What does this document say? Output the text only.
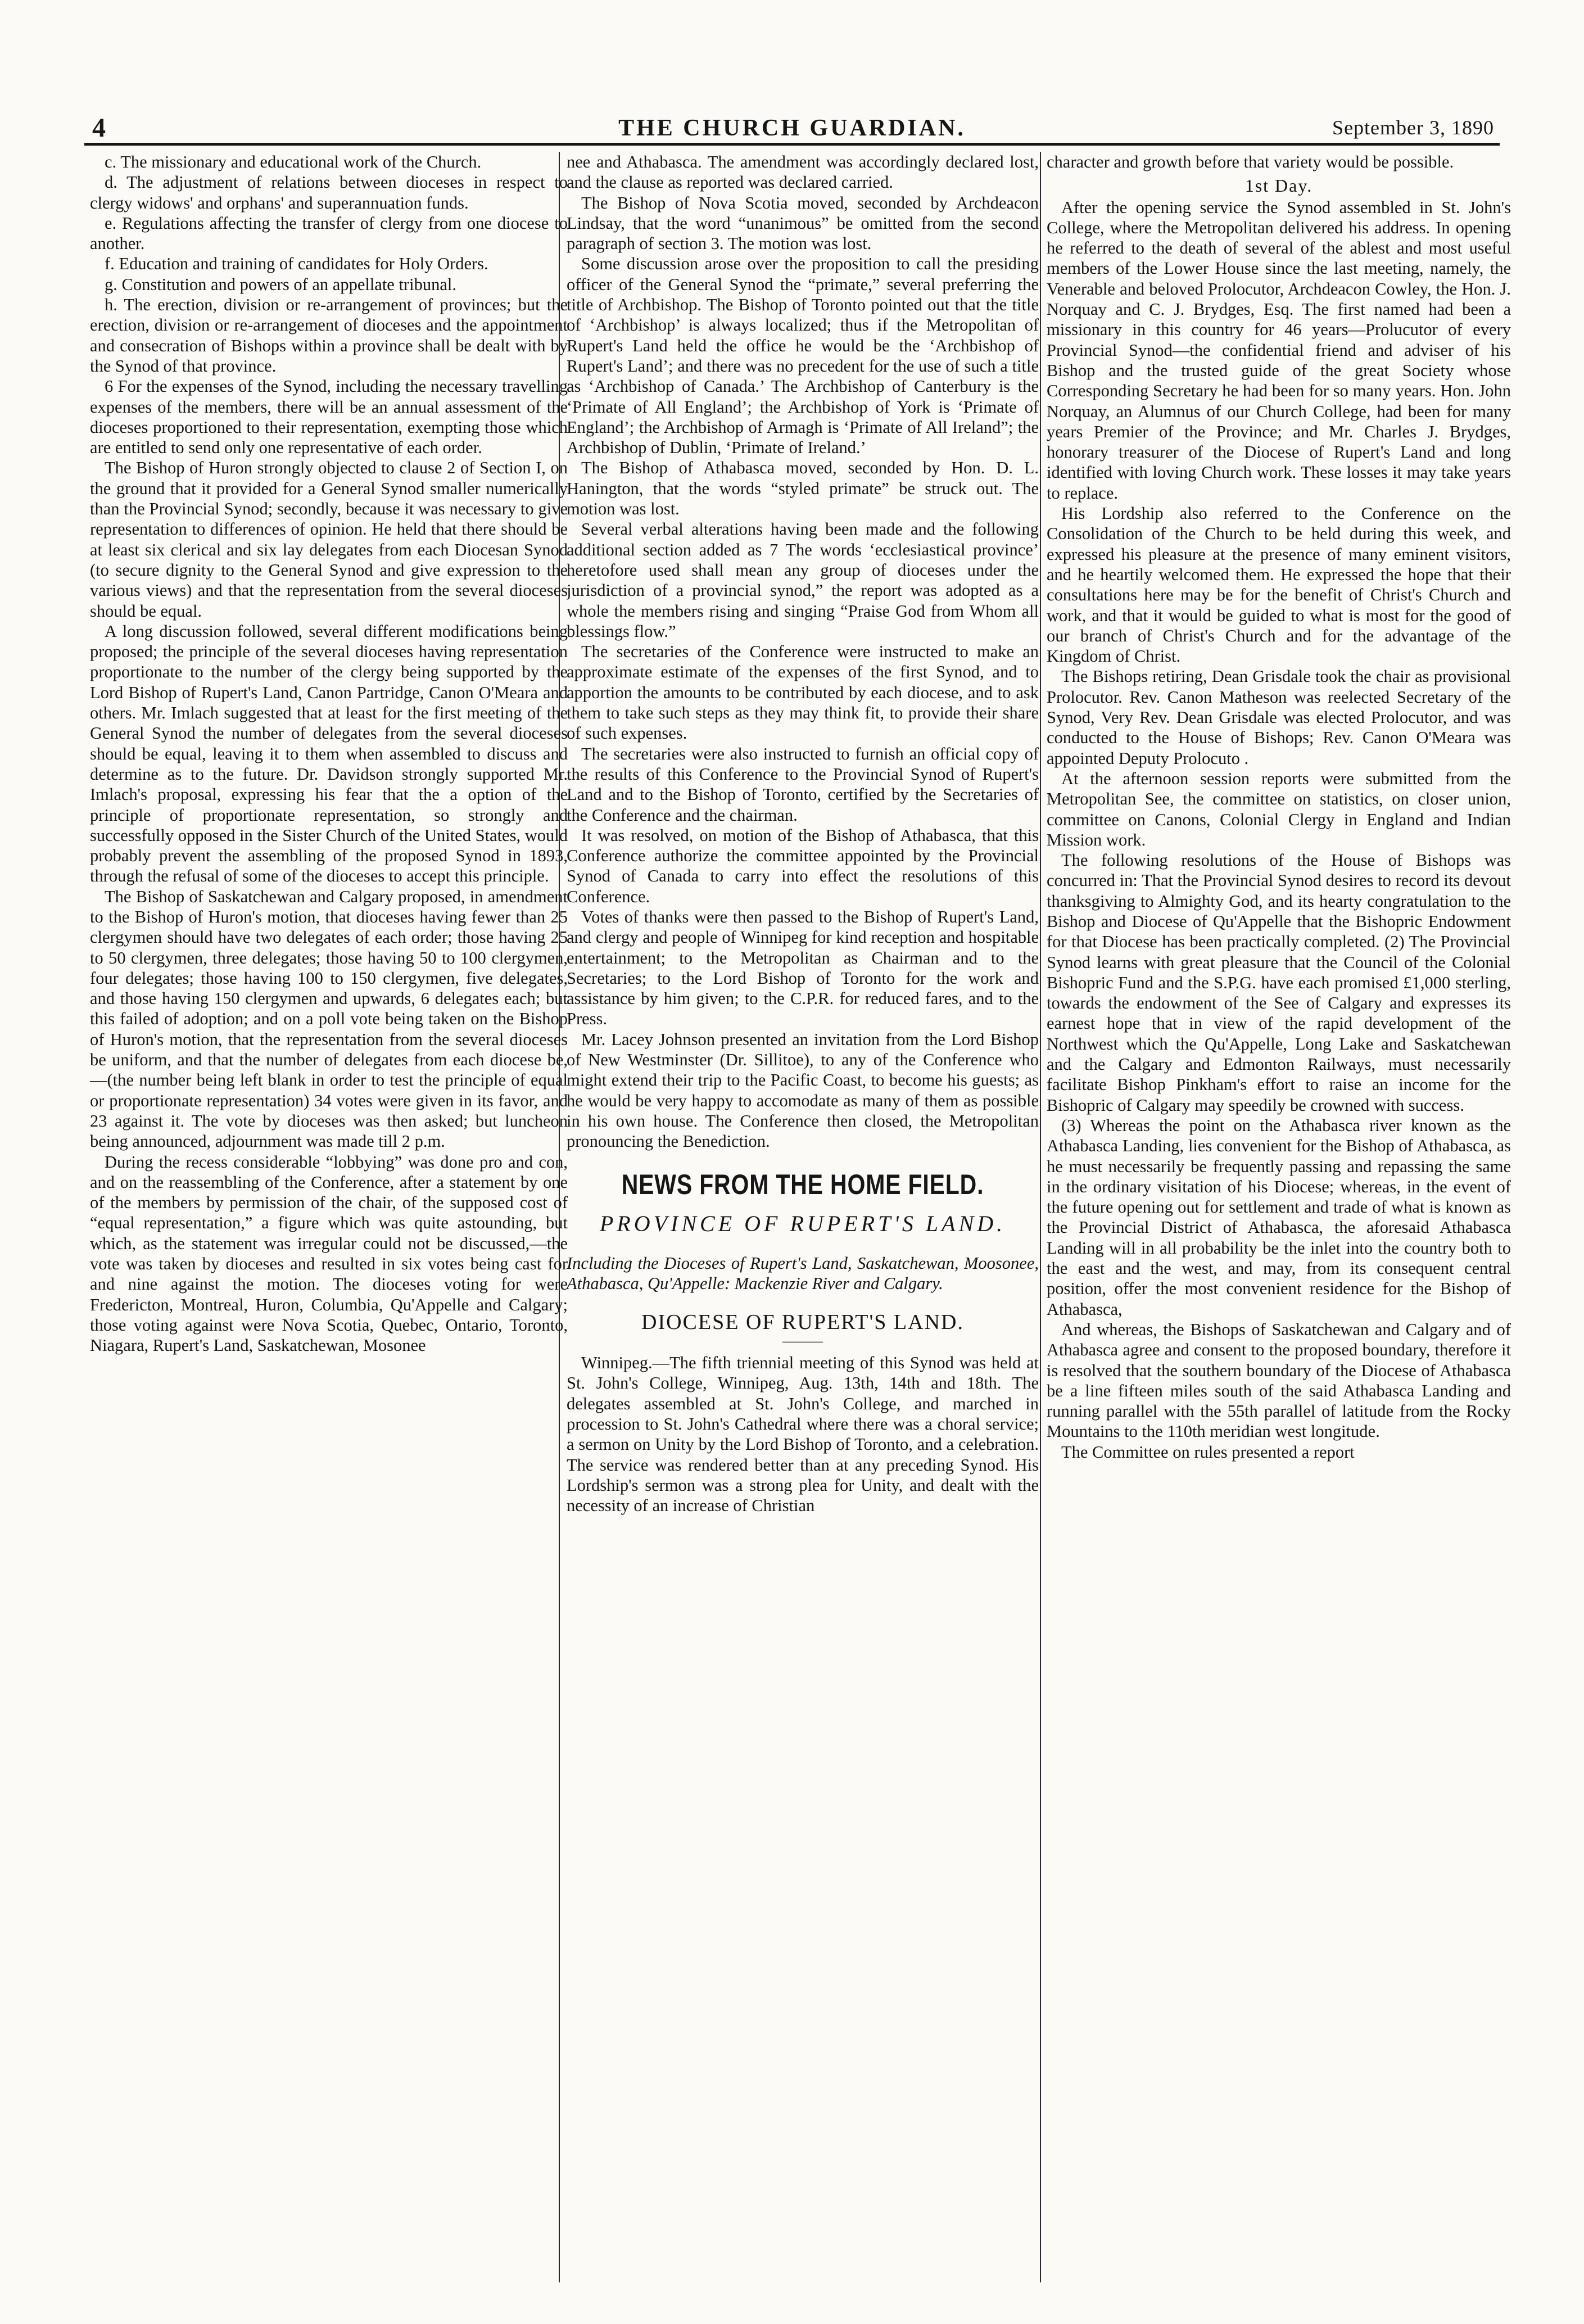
4	THE CHURCH GUARDIAN.	September 3, 1890

c. The missionary and educational work of the Church.

d. The adjustment of relations between dioceses in respect to clergy widows' and orphans' and superannuation funds.

e. Regulations affecting the transfer of clergy from one diocese to another.

f. Education and training of candidates for Holy Orders.

g. Constitution and powers of an appellate tribunal.

h. The erection, division or re-arrangement of provinces; but the erection, division or re-arrangement of dioceses and the appointment and consecration of Bishops within a province shall be dealt with by the Synod of that province.

6 For the expenses of the Synod, including the necessary travelling expenses of the members, there will be an annual assessment of the dioceses proportioned to their representation, exempting those which are entitled to send only one representative of each order.

The Bishop of Huron strongly objected to clause 2 of Section I, on the ground that it provided for a General Synod smaller numerically than the Provincial Synod; secondly, because it was necessary to give representation to differences of opinion. He held that there should be at least six clerical and six lay delegates from each Diocesan Synod (to secure dignity to the General Synod and give expression to the various views) and that the representation from the several dioceses should be equal.

A long discussion followed, several different modifications being proposed; the principle of the several dioceses having representation proportionate to the number of the clergy being supported by the Lord Bishop of Rupert's Land, Canon Partridge, Canon O'Meara and others. Mr. Imlach suggested that at least for the first meeting of the General Synod the number of delegates from the several dioceses should be equal, leaving it to them when assembled to discuss and determine as to the future. Dr. Davidson strongly supported Mr. Imlach's proposal, expressing his fear that the a option of the principle of proportionate representation, so strongly and successfully opposed in the Sister Church of the United States, would probably prevent the assembling of the proposed Synod in 1893, through the refusal of some of the dioceses to accept this principle.

The Bishop of Saskatchewan and Calgary proposed, in amendment to the Bishop of Huron's motion, that dioceses having fewer than 25 clergymen should have two delegates of each order; those having 25 to 50 clergymen, three delegates; those having 50 to 100 clergymen, four delegates; those having 100 to 150 clergymen, five delegates, and those having 150 clergymen and upwards, 6 delegates each; but this failed of adoption; and on a poll vote being taken on the Bishop of Huron's motion, that the representation from the several dioceses be uniform, and that the number of delegates from each diocese be,—(the number being left blank in order to test the principle of equal or proportionate representation) 34 votes were given in its favor, and 23 against it. The vote by dioceses was then asked; but luncheon being announced, adjournment was made till 2 p.m.

During the recess considerable “lobbying” was done pro and con, and on the reassembling of the Conference, after a statement by one of the members by permission of the chair, of the supposed cost of “equal representation,” a figure which was quite astounding, but which, as the statement was irregular could not be discussed,—the vote was taken by dioceses and resulted in six votes being cast for and nine against the motion. The dioceses voting for were Fredericton, Montreal, Huron, Columbia, Qu'Appelle and Calgary; those voting against were Nova Scotia, Quebec, Ontario, Toronto, Niagara, Rupert's Land, Saskatchewan, Mosonee

nee and Athabasca. The amendment was accordingly declared lost, and the clause as reported was declared carried.

The Bishop of Nova Scotia moved, seconded by Archdeacon Lindsay, that the word “unanimous” be omitted from the second paragraph of section 3. The motion was lost.

Some discussion arose over the proposition to call the presiding officer of the General Synod the “primate,” several preferring the title of Archbishop. The Bishop of Toronto pointed out that the title of ‘Archbishop’ is always localized; thus if the Metropolitan of Rupert's Land held the office he would be the ‘Archbishop of Rupert's Land’; and there was no precedent for the use of such a title as ‘Archbishop of Canada.’ The Archbishop of Canterbury is the ‘Primate of All England’; the Archbishop of York is ‘Primate of England’; the Archbishop of Armagh is ‘Primate of All Ireland”; the Archbishop of Dublin, ‘Primate of Ireland.’

The Bishop of Athabasca moved, seconded by Hon. D. L. Hanington, that the words “styled primate” be struck out. The motion was lost.

Several verbal alterations having been made and the following additional section added as 7 The words ‘ecclesiastical province’ heretofore used shall mean any group of dioceses under the jurisdiction of a provincial synod,” the report was adopted as a whole the members rising and singing “Praise God from Whom all blessings flow.”

The secretaries of the Conference were instructed to make an approximate estimate of the expenses of the first Synod, and to apportion the amounts to be contributed by each diocese, and to ask them to take such steps as they may think fit, to provide their share of such expenses.

The secretaries were also instructed to furnish an official copy of the results of this Conference to the Provincial Synod of Rupert's Land and to the Bishop of Toronto, certified by the Secretaries of the Conference and the chairman.

It was resolved, on motion of the Bishop of Athabasca, that this Conference authorize the committee appointed by the Provincial Synod of Canada to carry into effect the resolutions of this Conference.

Votes of thanks were then passed to the Bishop of Rupert's Land, and clergy and people of Winnipeg for kind reception and hospitable entertainment; to the Metropolitan as Chairman and to the Secretaries; to the Lord Bishop of Toronto for the work and assistance by him given; to the C.P.R. for reduced fares, and to the Press.

Mr. Lacey Johnson presented an invitation from the Lord Bishop of New Westminster (Dr. Sillitoe), to any of the Conference who might extend their trip to the Pacific Coast, to become his guests; as he would be very happy to accomodate as many of them as possible in his own house. The Conference then closed, the Metropolitan pronouncing the Benediction.

NEWS FROM THE HOME FIELD.
PROVINCE OF RUPERT'S LAND.

Including the Dioceses of Rupert's Land, Saskatchewan, Moosonee, Athabasca, Qu'Appelle: Mackenzie River and Calgary.

DIOCESE OF RUPERT'S LAND.
———

Winnipeg.—The fifth triennial meeting of this Synod was held at St. John's College, Winnipeg, Aug. 13th, 14th and 18th. The delegates assembled at St. John's College, and marched in procession to St. John's Cathedral where there was a choral service; a sermon on Unity by the Lord Bishop of Toronto, and a celebration. The service was rendered better than at any preceding Synod. His Lordship's sermon was a strong plea for Unity, and dealt with the necessity of an increase of Christian

character and growth before that variety would be possible.

1st Day.

After the opening service the Synod assembled in St. John's College, where the Metropolitan delivered his address. In opening he referred to the death of several of the ablest and most useful members of the Lower House since the last meeting, namely, the Venerable and beloved Prolocutor, Archdeacon Cowley, the Hon. J. Norquay and C. J. Brydges, Esq. The first named had been a missionary in this country for 46 years—Prolucutor of every Provincial Synod—the confidential friend and adviser of his Bishop and the trusted guide of the great Society whose Corresponding Secretary he had been for so many years. Hon. John Norquay, an Alumnus of our Church College, had been for many years Premier of the Province; and Mr. Charles J. Brydges, honorary treasurer of the Diocese of Rupert's Land and long identified with loving Church work. These losses it may take years to replace.

His Lordship also referred to the Conference on the Consolidation of the Church to be held during this week, and expressed his pleasure at the presence of many eminent visitors, and he heartily welcomed them. He expressed the hope that their consultations here may be for the benefit of Christ's Church and work, and that it would be guided to what is most for the good of our branch of Christ's Church and for the advantage of the Kingdom of Christ.

The Bishops retiring, Dean Grisdale took the chair as provisional Prolocutor. Rev. Canon Matheson was reelected Secretary of the Synod, Very Rev. Dean Grisdale was elected Prolocutor, and was conducted to the House of Bishops; Rev. Canon O'Meara was appointed Deputy Prolocuto .

At the afternoon session reports were submitted from the Metropolitan See, the committee on statistics, on closer union, committee on Canons, Colonial Clergy in England and Indian Mission work.

The following resolutions of the House of Bishops was concurred in: That the Provincial Synod desires to record its devout thanksgiving to Almighty God, and its hearty congratulation to the Bishop and Diocese of Qu'Appelle that the Bishopric Endowment for that Diocese has been practically completed. (2) The Provincial Synod learns with great pleasure that the Council of the Colonial Bishopric Fund and the S.P.G. have each promised £1,000 sterling, towards the endowment of the See of Calgary and expresses its earnest hope that in view of the rapid development of the Northwest which the Qu'Appelle, Long Lake and Saskatchewan and the Calgary and Edmonton Railways, must necessarily facilitate Bishop Pinkham's effort to raise an income for the Bishopric of Calgary may speedily be crowned with success.

(3) Whereas the point on the Athabasca river known as the Athabasca Landing, lies convenient for the Bishop of Athabasca, as he must necessarily be frequently passing and repassing the same in the ordinary visitation of his Diocese; whereas, in the event of the future opening out for settlement and trade of what is known as the Provincial District of Athabasca, the aforesaid Athabasca Landing will in all probability be the inlet into the country both to the east and the west, and may, from its consequent central position, offer the most convenient residence for the Bishop of Athabasca,

And whereas, the Bishops of Saskatchewan and Calgary and of Athabasca agree and consent to the proposed boundary, therefore it is resolved that the southern boundary of the Diocese of Athabasca be a line fifteen miles south of the said Athabasca Landing and running parallel with the 55th parallel of latitude from the Rocky Mountains to the 110th meridian west longitude.

The Committee on rules presented a report
